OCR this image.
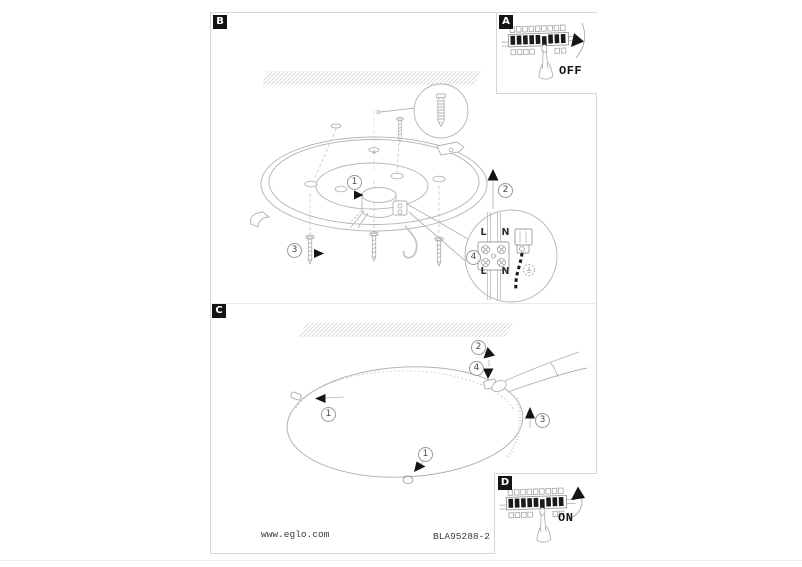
B
C
1
2
3
4
1
1
2
3
4
L	N
L	N
A
OFF
D
ON
www.eglo.com	BLA95288-2
